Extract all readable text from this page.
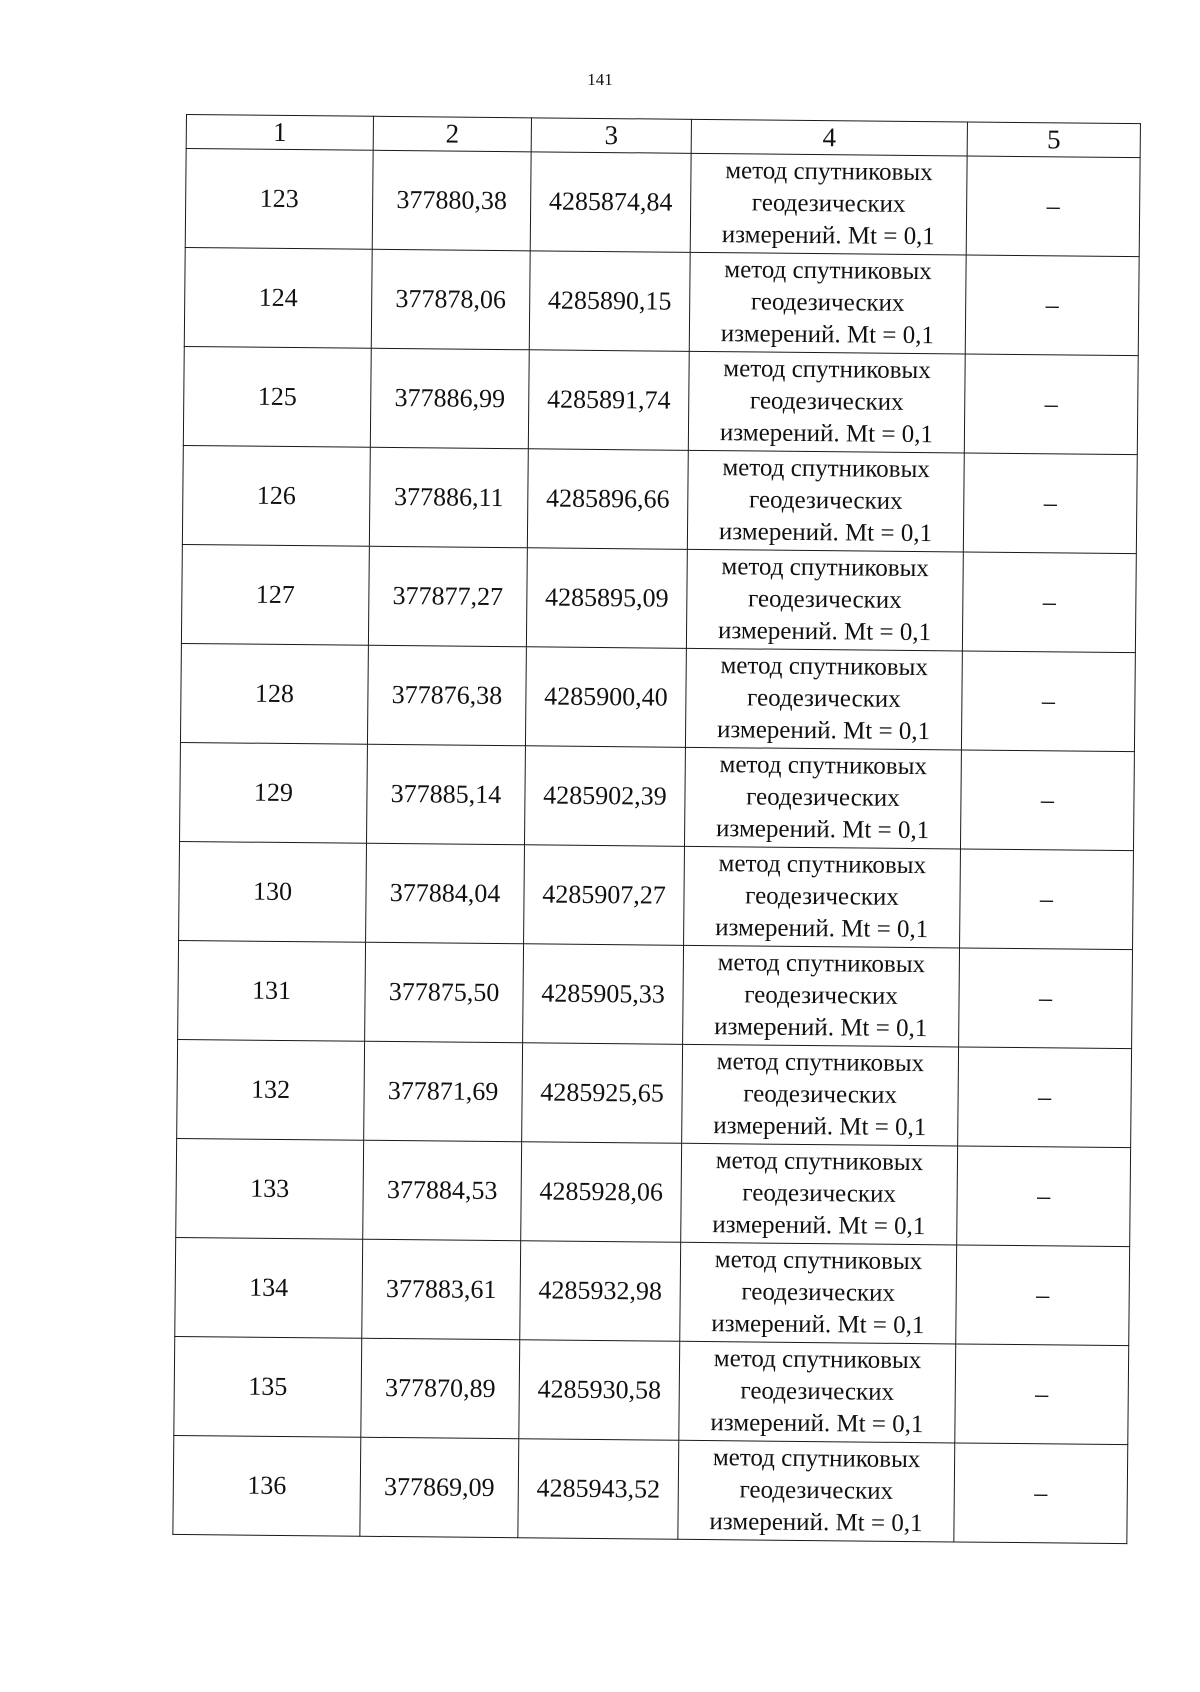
141
1	2	3	4	5
123	377880,38	4285874,84	метод спутниковых
геодезических
измерений. Mt = 0,1	–
124	377878,06	4285890,15	метод спутниковых
геодезических
измерений. Mt = 0,1	–
125	377886,99	4285891,74	метод спутниковых
геодезических
измерений. Mt = 0,1	–
126	377886,11	4285896,66	метод спутниковых
геодезических
измерений. Mt = 0,1	–
127	377877,27	4285895,09	метод спутниковых
геодезических
измерений. Mt = 0,1	–
128	377876,38	4285900,40	метод спутниковых
геодезических
измерений. Mt = 0,1	–
129	377885,14	4285902,39	метод спутниковых
геодезических
измерений. Mt = 0,1	–
130	377884,04	4285907,27	метод спутниковых
геодезических
измерений. Mt = 0,1	–
131	377875,50	4285905,33	метод спутниковых
геодезических
измерений. Mt = 0,1	–
132	377871,69	4285925,65	метод спутниковых
геодезических
измерений. Mt = 0,1	–
133	377884,53	4285928,06	метод спутниковых
геодезических
измерений. Mt = 0,1	–
134	377883,61	4285932,98	метод спутниковых
геодезических
измерений. Mt = 0,1	–
135	377870,89	4285930,58	метод спутниковых
геодезических
измерений. Mt = 0,1	–
136	377869,09	4285943,52	метод спутниковых
геодезических
измерений. Mt = 0,1	–
